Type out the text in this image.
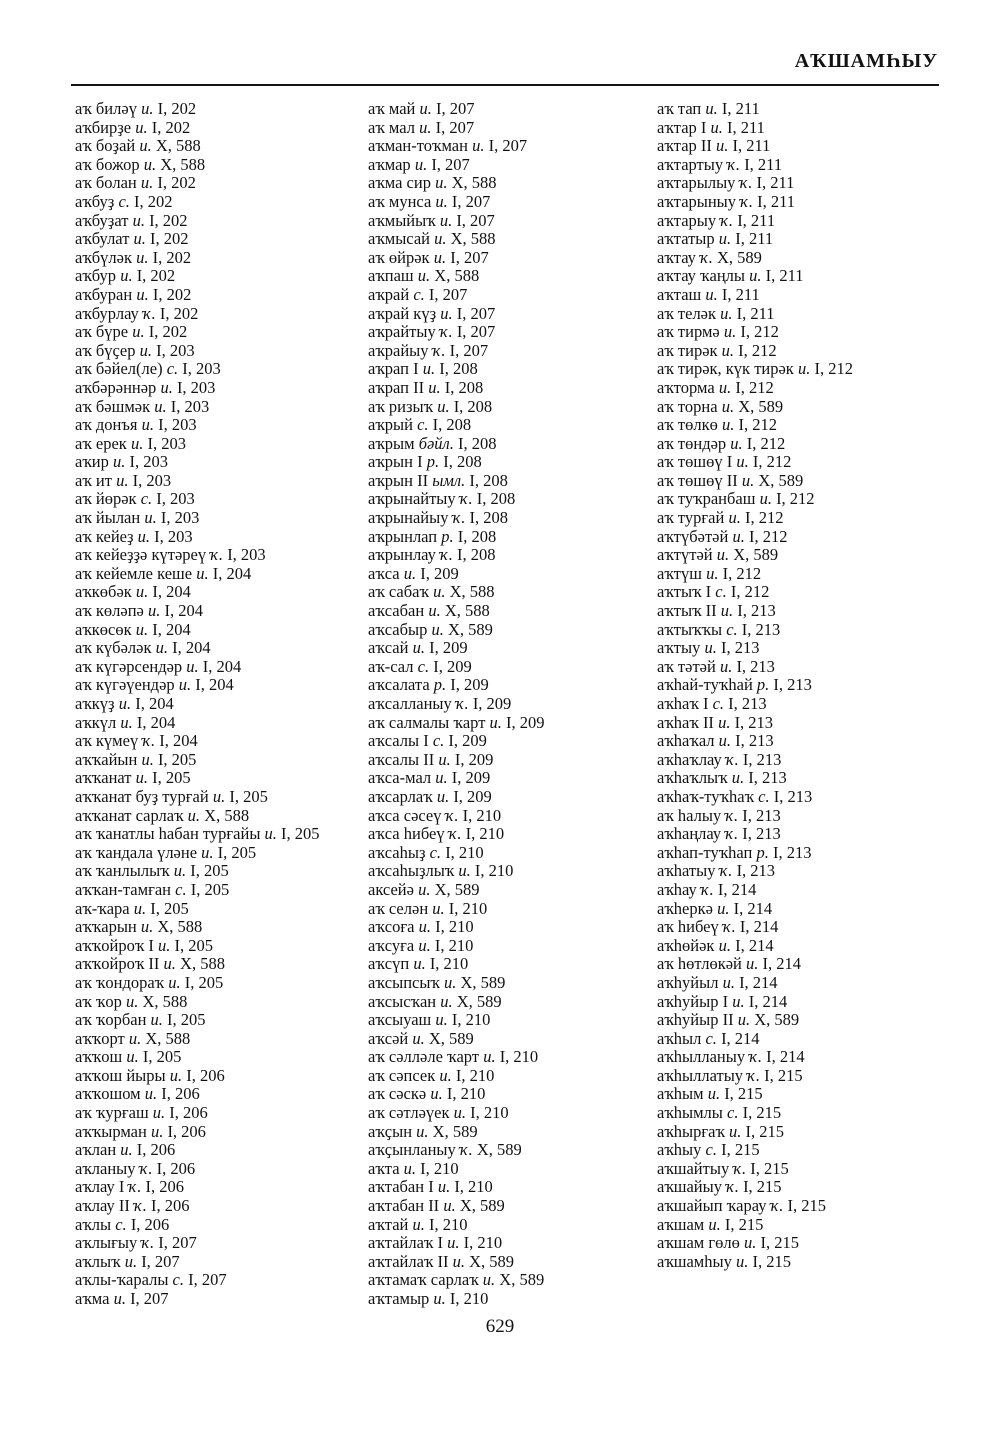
АҠШАМҺЫУ
аҡ биләү и. I, 202
аҡбирҙе и. I, 202
аҡ боҙай и. X, 588
аҡ божор и. X, 588
аҡ болан и. I, 202
аҡбуҙ с. I, 202
аҡбуҙат и. I, 202
аҡбулат и. I, 202
аҡбүләк и. I, 202
аҡбур и. I, 202
аҡбуран и. I, 202
аҡбурлау ҡ. I, 202
аҡ бүре и. I, 202
аҡ бүҫер и. I, 203
аҡ бәйел(ле) с. I, 203
аҡбәрәннәр и. I, 203
аҡ бәшмәк и. I, 203
аҡ донъя и. I, 203
аҡ ерек и. I, 203
аҡир и. I, 203
аҡ ит и. I, 203
аҡ йөрәк с. I, 203
аҡ йылан и. I, 203
аҡ кейеҙ и. I, 203
аҡ кейеҙҙә күтәреү ҡ. I, 203
аҡ кейемле кеше и. I, 204
аҡкөбәк и. I, 204
аҡ көләпә и. I, 204
аҡкөсөк и. I, 204
аҡ күбәләк и. I, 204
аҡ күгәрсендәр и. I, 204
аҡ күгәүендәр и. I, 204
аҡкүҙ и. I, 204
аҡкүл и. I, 204
аҡ күмеү ҡ. I, 204
аҡҡайын и. I, 205
аҡҡанат и. I, 205
аҡҡанат буҙ турғай и. I, 205
аҡҡанат сарлаҡ и. X, 588
аҡ ҡанатлы һабан турғайы и. I, 205
аҡ ҡандала үләне и. I, 205
аҡ ҡанлылыҡ и. I, 205
аҡҡан-тамған с. I, 205
аҡ-ҡара и. I, 205
аҡҡарын и. X, 588
аҡҡойроҡ I и. I, 205
аҡҡойроҡ II и. X, 588
аҡ ҡондораҡ и. I, 205
аҡ ҡор и. X, 588
аҡ ҡорбан и. I, 205
аҡҡорт и. X, 588
аҡҡош и. I, 205
аҡҡош йыры и. I, 206
аҡҡошом и. I, 206
аҡ ҡурғаш и. I, 206
аҡҡырман и. I, 206
аҡлан и. I, 206
аҡланыу ҡ. I, 206
аҡлау I ҡ. I, 206
аҡлау II ҡ. I, 206
аҡлы с. I, 206
аҡлығыу ҡ. I, 207
аҡлыҡ и. I, 207
аҡлы-ҡаралы с. I, 207
аҡма и. I, 207
аҡ май и. I, 207
аҡ мал и. I, 207
аҡман-тоҡман и. I, 207
аҡмар и. I, 207
аҡма сир и. X, 588
аҡ мунса и. I, 207
аҡмыйыҡ и. I, 207
аҡмысай и. X, 588
аҡ өйрәк и. I, 207
аҡпаш и. X, 588
аҡрай с. I, 207
аҡрай күҙ и. I, 207
аҡрайтыу ҡ. I, 207
аҡрайыу ҡ. I, 207
аҡрап I и. I, 208
аҡрап II и. I, 208
аҡ ризыҡ и. I, 208
аҡрый с. I, 208
аҡрым бәйл. I, 208
аҡрын I р. I, 208
аҡрын II ымл. I, 208
аҡрынайтыу ҡ. I, 208
аҡрынайыу ҡ. I, 208
аҡрынлап р. I, 208
аҡрынлау ҡ. I, 208
аҡса и. I, 209
аҡ сабаҡ и. X, 588
аҡсабан и. X, 588
аҡсабыр и. X, 589
аҡсай и. I, 209
аҡ-сал с. I, 209
аҡсалата р. I, 209
аҡсалланыу ҡ. I, 209
аҡ салмалы ҡарт и. I, 209
аҡсалы I с. I, 209
аҡсалы II и. I, 209
аҡса-мал и. I, 209
аҡсарлаҡ и. I, 209
аҡса сәсеү ҡ. I, 210
аҡса һибеү ҡ. I, 210
аҡсаһыҙ с. I, 210
аҡсаһыҙлыҡ и. I, 210
аксейә и. X, 589
аҡ селән и. I, 210
аҡсоға и. I, 210
аҡсуға и. I, 210
аҡсүп и. I, 210
аҡсыпсыҡ и. X, 589
аҡсысҡан и. X, 589
аҡсыуаш и. I, 210
аҡсәй и. X, 589
аҡ сәлләле ҡарт и. I, 210
аҡ сәпсек и. I, 210
аҡ сәскә и. I, 210
аҡ сәтләүек и. I, 210
аҡҫын и. X, 589
аҡҫынланыу ҡ. X, 589
аҡта и. I, 210
аҡтабан I и. I, 210
аҡтабан II и. X, 589
аҡтай и. I, 210
аҡтайлаҡ I и. I, 210
аҡтайлаҡ II и. X, 589
аҡтамаҡ сарлаҡ и. X, 589
аҡтамыр и. I, 210
аҡ тап и. I, 211
аҡтар I и. I, 211
аҡтар II и. I, 211
аҡтартыу ҡ. I, 211
аҡтарылыу ҡ. I, 211
аҡтарыныу ҡ. I, 211
аҡтарыу ҡ. I, 211
аҡтатыр и. I, 211
аҡтау ҡ. X, 589
аҡтау ҡаңлы и. I, 211
аҡташ и. I, 211
аҡ теләк и. I, 211
аҡ тирмә и. I, 212
аҡ тирәк и. I, 212
аҡ тирәк, күк тирәк и. I, 212
аҡторма и. I, 212
аҡ торна и. X, 589
аҡ төлкө и. I, 212
аҡ төндәр и. I, 212
аҡ төшөү I и. I, 212
аҡ төшөү II и. X, 589
аҡ туҡранбаш и. I, 212
аҡ турғай и. I, 212
аҡтүбәтәй и. I, 212
аҡтүтәй и. X, 589
аҡтүш и. I, 212
аҡтыҡ I с. I, 212
аҡтыҡ II и. I, 213
аҡтыҡҡы с. I, 213
аҡтыу и. I, 213
аҡ тәтәй и. I, 213
аҡһай-туҡһай р. I, 213
аҡһаҡ I с. I, 213
аҡһаҡ II и. I, 213
аҡһаҡал и. I, 213
аҡһаҡлау ҡ. I, 213
аҡһаҡлыҡ и. I, 213
аҡһаҡ-туҡһаҡ с. I, 213
аҡ һалыу ҡ. I, 213
аҡһаңлау ҡ. I, 213
аҡһап-туҡһап р. I, 213
аҡһатыу ҡ. I, 213
аҡһау ҡ. I, 214
аҡһеркә и. I, 214
аҡ һибеү ҡ. I, 214
аҡһөйәк и. I, 214
аҡ һөтлөкәй и. I, 214
аҡһуйыл и. I, 214
аҡһуйыр I и. I, 214
аҡһуйыр II и. X, 589
аҡһыл с. I, 214
аҡһылланыу ҡ. I, 214
аҡһыллатыу ҡ. I, 215
аҡһым и. I, 215
аҡһымлы с. I, 215
аҡһырғаҡ и. I, 215
аҡһыу с. I, 215
аҡшайтыу ҡ. I, 215
аҡшайыу ҡ. I, 215
аҡшайып ҡарау ҡ. I, 215
аҡшам и. I, 215
аҡшам гөлө и. I, 215
аҡшамһыу и. I, 215
629
